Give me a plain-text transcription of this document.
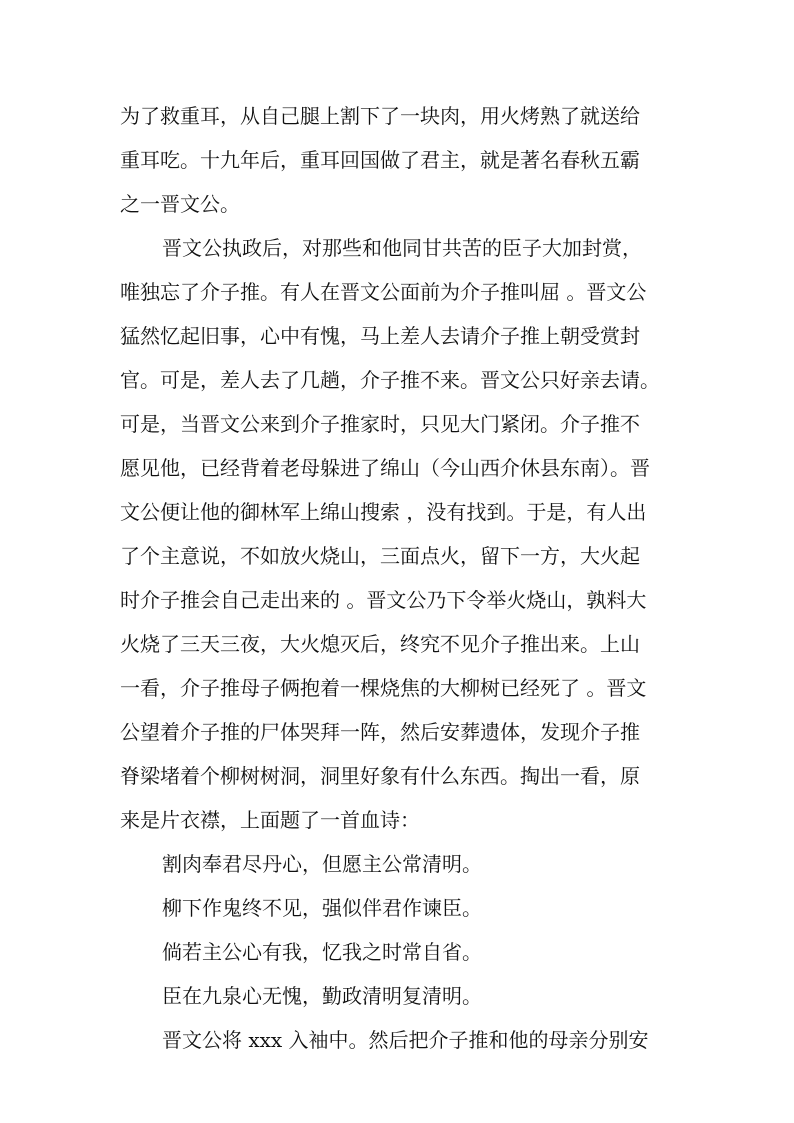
为了救重耳，从自己腿上割下了一块肉，用火烤熟了就送给
重耳吃。十九年后，重耳回国做了君主，就是著名春秋五霸
之一晋文公。
晋文公执政后，对那些和他同甘共苦的臣子大加封赏，
唯独忘了介子推。有人在晋文公面前为介子推叫屈 。晋文公
猛然忆起旧事，心中有愧，马上差人去请介子推上朝受赏封
官。可是，差人去了几趟，介子推不来。晋文公只好亲去请。
可是，当晋文公来到介子推家时，只见大门紧闭。介子推不
愿见他，已经背着老母躲进了绵山（今山西介休县东南）。晋
文公便让他的御林军上绵山搜索 ，没有找到。于是，有人出
了个主意说，不如放火烧山，三面点火，留下一方，大火起
时介子推会自己走出来的 。晋文公乃下令举火烧山，孰料大
火烧了三天三夜，大火熄灭后，终究不见介子推出来。上山
一看，介子推母子俩抱着一棵烧焦的大柳树已经死了 。晋文
公望着介子推的尸体哭拜一阵，然后安葬遗体，发现介子推
脊梁堵着个柳树树洞，洞里好象有什么东西。掏出一看，原
来是片衣襟，上面题了一首血诗：
割肉奉君尽丹心，但愿主公常清明。
柳下作鬼终不见，强似伴君作谏臣。
倘若主公心有我，忆我之时常自省。
臣在九泉心无愧，勤政清明复清明。
晋文公将 xxx 入袖中。然后把介子推和他的母亲分别安
